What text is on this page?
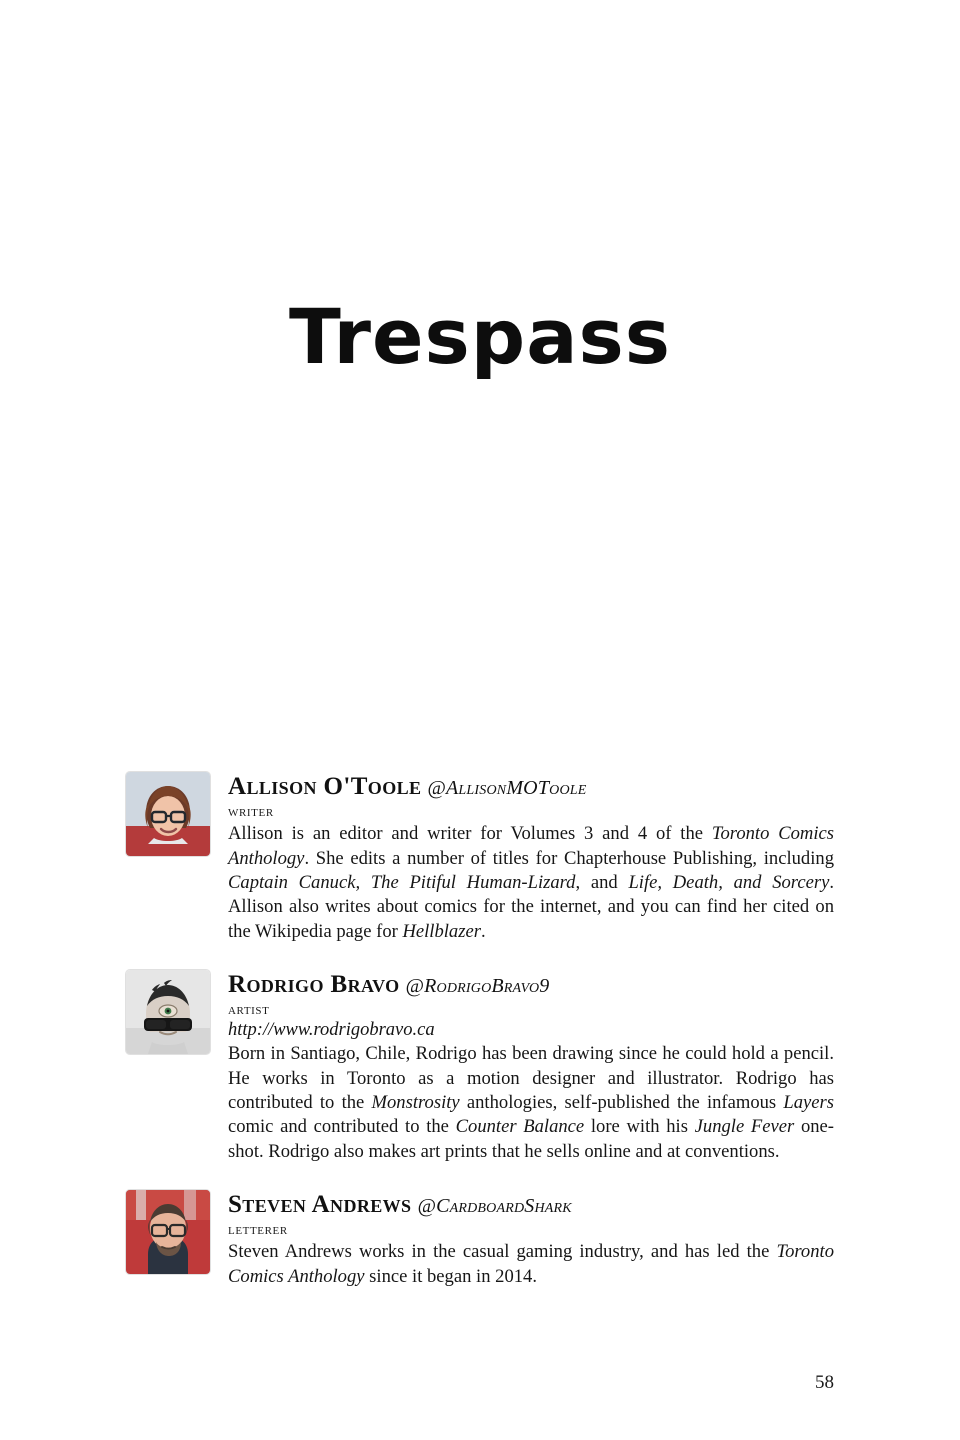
Trespass
Allison O'Toole @AllisonMOToole
writer

Allison is an editor and writer for Volumes 3 and 4 of the Toronto Comics Anthology. She edits a number of titles for Chapterhouse Publishing, including Captain Canuck, The Pitiful Human-Lizard, and Life, Death, and Sorcery. Allison also writes about comics for the internet, and you can find her cited on the Wikipedia page for Hellblazer.

Rodrigo Bravo @RodrigoBravo9
artist
http://www.rodrigobravo.ca

Born in Santiago, Chile, Rodrigo has been drawing since he could hold a pencil. He works in Toronto as a motion designer and illustrator. Rodrigo has contributed to the Monstrosity anthologies, self-published the infamous Layers comic and contributed to the Counter Balance lore with his Jungle Fever one-shot. Rodrigo also makes art prints that he sells online and at conventions.

Steven Andrews @CardboardShark
letterer

Steven Andrews works in the casual gaming industry, and has led the Toronto Comics Anthology since it began in 2014.

58
